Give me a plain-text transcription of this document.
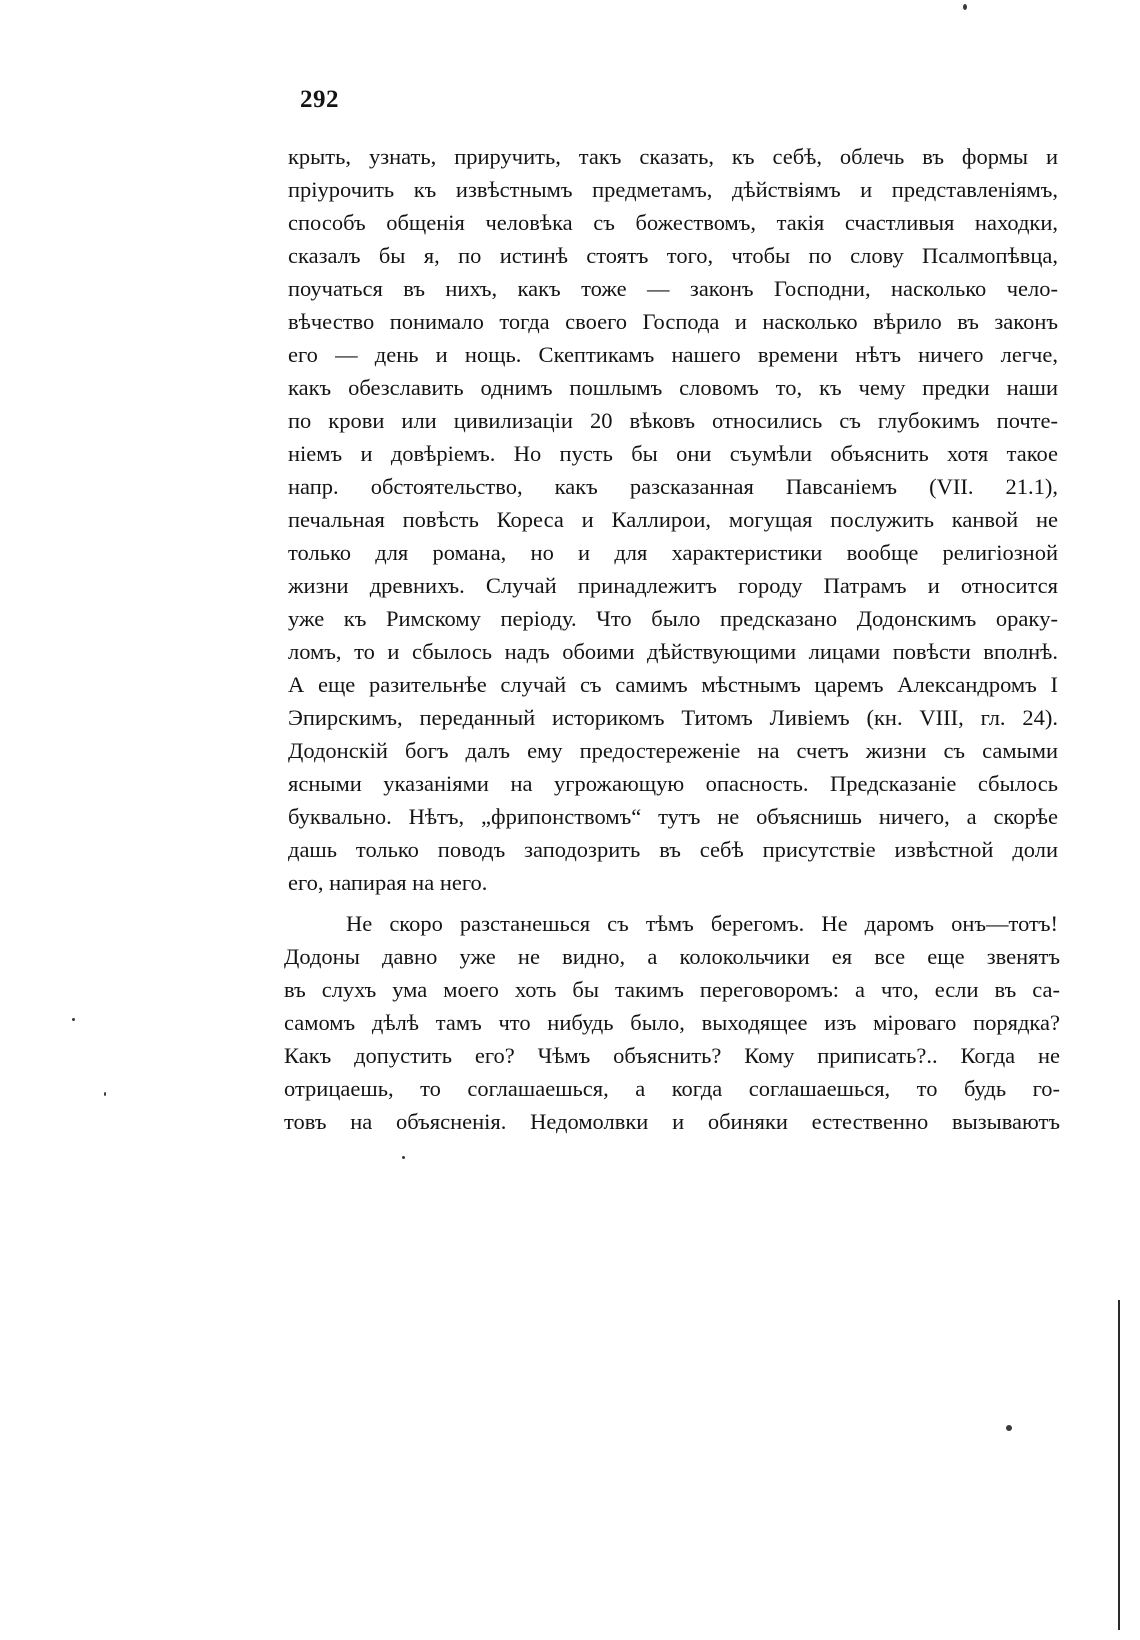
292
крыть, узнать, приручить, такъ сказать, къ себѣ, облечь въ формы и
пріурочить къ извѣстнымъ предметамъ, дѣйствіямъ и представленіямъ,
способъ общенія человѣка съ божествомъ, такія счастливыя находки,
сказалъ бы я, по истинѣ стоятъ того, чтобы по слову Псалмопѣвца,
поучаться въ нихъ, какъ тоже — законъ Господни, насколько чело-
вѣчество понимало тогда своего Господа и насколько вѣрило въ законъ
его — день и нощь. Скептикамъ нашего времени нѣтъ ничего легче,
какъ обезславить однимъ пошлымъ словомъ то, къ чему предки наши
по крови или цивилизаціи 20 вѣковъ относились съ глубокимъ почте-
ніемъ и довѣріемъ. Но пусть бы они съумѣли объяснить хотя такое
напр. обстоятельство, какъ разсказанная Павсаніемъ (VII. 21.1),
печальная повѣсть Кореса и Каллирои, могущая послужить канвой не
только для романа, но и для характеристики вообще религіозной
жизни древнихъ. Случай принадлежитъ городу Патрамъ и относится
уже къ Римскому періоду. Что было предсказано Додонскимъ оракy-
ломъ, то и сбылось надъ обоими дѣйствующими лицами повѣсти вполнѣ.
А еще разительнѣе случай съ самимъ мѣстнымъ царемъ Александромъ I
Эпирскимъ, переданный историкомъ Титомъ Ливіемъ (кн. VIII, гл. 24).
Додонскій богъ далъ ему предостереженіе на счетъ жизни съ самыми
ясными указаніями на угрожающую опасность. Предсказаніе сбылось
буквально. Нѣтъ, „фрипонствомъ“ тутъ не объяснишь ничего, а скорѣе
дашь только поводъ заподозрить въ себѣ присутствіе извѣстной доли
его, напирая на него.
Не скоро разстанешься съ тѣмъ берегомъ. Не даромъ онъ—тотъ!
Додоны давно уже не видно, а колокольчики ея все еще звенятъ
въ слухъ ума моего хоть бы такимъ переговоромъ: а что, если въ са-
самомъ дѣлѣ тамъ что нибудь было, выходящее изъ міроваго порядка?
Какъ допустить его? Чѣмъ объяснить? Кому приписать?.. Когда не
отрицаешь, то соглашаешься, а когда соглашаешься, то будь го-
товъ на объясненія. Недомолвки и обиняки естественно вызываютъ
